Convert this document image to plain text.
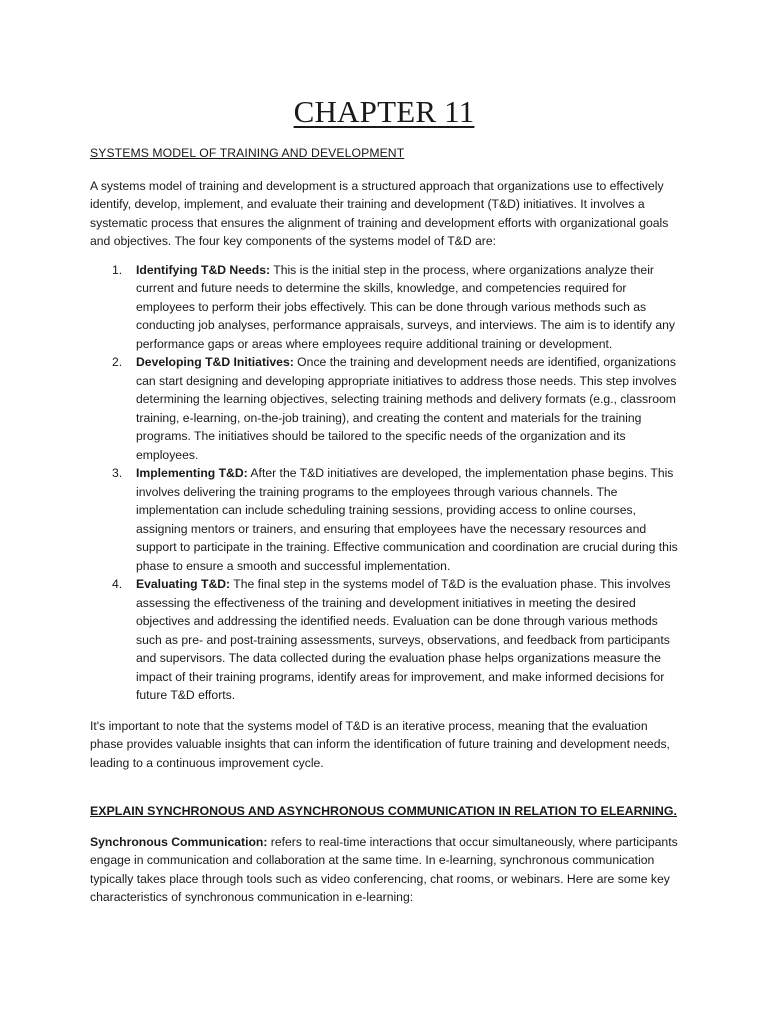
CHAPTER 11

SYSTEMS MODEL OF TRAINING AND DEVELOPMENT

A systems model of training and development is a structured approach that organizations use to effectively identify, develop, implement, and evaluate their training and development (T&D) initiatives. It involves a systematic process that ensures the alignment of training and development efforts with organizational goals and objectives. The four key components of the systems model of T&D are:

1. Identifying T&D Needs: This is the initial step in the process, where organizations analyze their current and future needs to determine the skills, knowledge, and competencies required for employees to perform their jobs effectively. This can be done through various methods such as conducting job analyses, performance appraisals, surveys, and interviews. The aim is to identify any performance gaps or areas where employees require additional training or development.
2. Developing T&D Initiatives: Once the training and development needs are identified, organizations can start designing and developing appropriate initiatives to address those needs. This step involves determining the learning objectives, selecting training methods and delivery formats (e.g., classroom training, e-learning, on-the-job training), and creating the content and materials for the training programs. The initiatives should be tailored to the specific needs of the organization and its employees.
3. Implementing T&D: After the T&D initiatives are developed, the implementation phase begins. This involves delivering the training programs to the employees through various channels. The implementation can include scheduling training sessions, providing access to online courses, assigning mentors or trainers, and ensuring that employees have the necessary resources and support to participate in the training. Effective communication and coordination are crucial during this phase to ensure a smooth and successful implementation.
4. Evaluating T&D: The final step in the systems model of T&D is the evaluation phase. This involves assessing the effectiveness of the training and development initiatives in meeting the desired objectives and addressing the identified needs. Evaluation can be done through various methods such as pre- and post-training assessments, surveys, observations, and feedback from participants and supervisors. The data collected during the evaluation phase helps organizations measure the impact of their training programs, identify areas for improvement, and make informed decisions for future T&D efforts.

It's important to note that the systems model of T&D is an iterative process, meaning that the evaluation phase provides valuable insights that can inform the identification of future training and development needs, leading to a continuous improvement cycle.

EXPLAIN SYNCHRONOUS AND ASYNCHRONOUS COMMUNICATION IN RELATION TO ELEARNING.

Synchronous Communication: refers to real-time interactions that occur simultaneously, where participants engage in communication and collaboration at the same time. In e-learning, synchronous communication typically takes place through tools such as video conferencing, chat rooms, or webinars. Here are some key characteristics of synchronous communication in e-learning:
